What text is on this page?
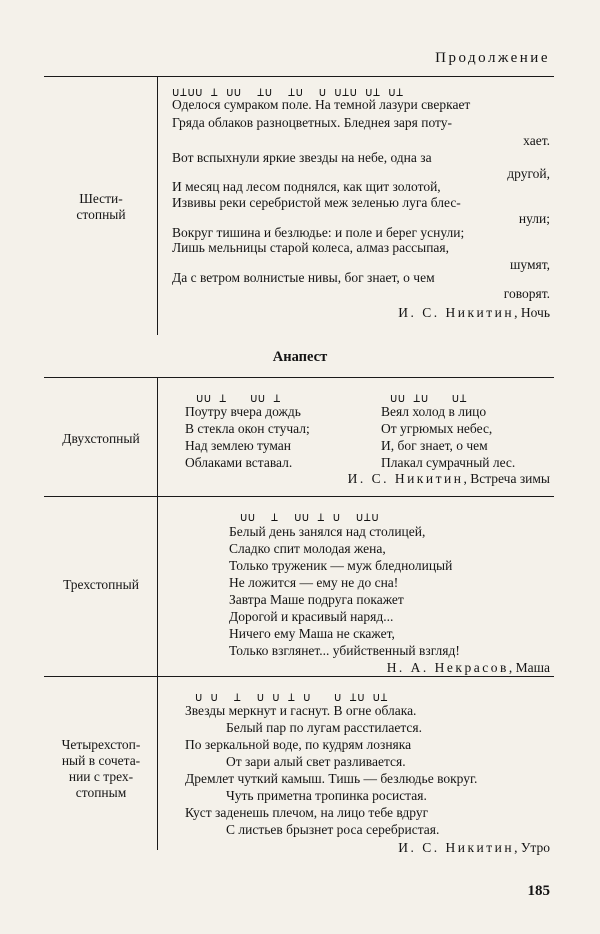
Продолжение
Шести-
стопный
∪⊥∪∪ ⊥ ∪∪  ⊥∪  ⊥∪  ∪ ∪⊥∪ ∪⊥ ∪⊥
Оделося сумраком поле. На темной лазури сверкает
Гряда облаков разноцветных. Бледнея заря поту-
хает.
Вот вспыхнули яркие звезды на небе, одна за
другой,
И месяц над лесом поднялся, как щит золотой,
Извивы реки серебристой меж зеленью луга блес-
нули;
Вокруг тишина и безлюдье: и поле и берег уснули;
Лишь мельницы старой колеса, алмаз рассыпая,
шумят,
Да с ветром волнистые нивы, бог знает, о чем
говорят.
И. С. Никитин, Ночь
Анапест
Двухстопный
∪∪ ⊥   ∪∪ ⊥	∪∪ ⊥∪   ∪⊥
Поутру вчера дождь
В стекла окон стучал;
Над землею туман
Облаками вставал.
Веял холод в лицо
От угрюмых небес,
И, бог знает, о чем
Плакал сумрачный лес.
И. С. Никитин, Встреча зимы
Трехстопный
∪∪  ⊥  ∪∪ ⊥ ∪  ∪⊥∪
Белый день занялся над столицей,
Сладко спит молодая жена,
Только труженик — муж бледнолицый
Не ложится — ему не до сна!
Завтра Маше подруга покажет
Дорогой и красивый наряд...
Ничего ему Маша не скажет,
Только взглянет... убийственный взгляд!
Н. А. Некрасов, Маша
Четырехстоп-
ный в сочета-
нии с трех-
стопным
∪ ∪  ⊥  ∪ ∪ ⊥ ∪   ∪ ⊥∪ ∪⊥
Звезды меркнут и гаснут. В огне облака.
Белый пар по лугам расстилается.
По зеркальной воде, по кудрям лозняка
От зари алый свет разливается.
Дремлет чуткий камыш. Тишь — безлюдье вокруг.
Чуть приметна тропинка росистая.
Куст заденешь плечом, на лицо тебе вдруг
С листьев брызнет роса серебристая.
И. С. Никитин, Утро
185
